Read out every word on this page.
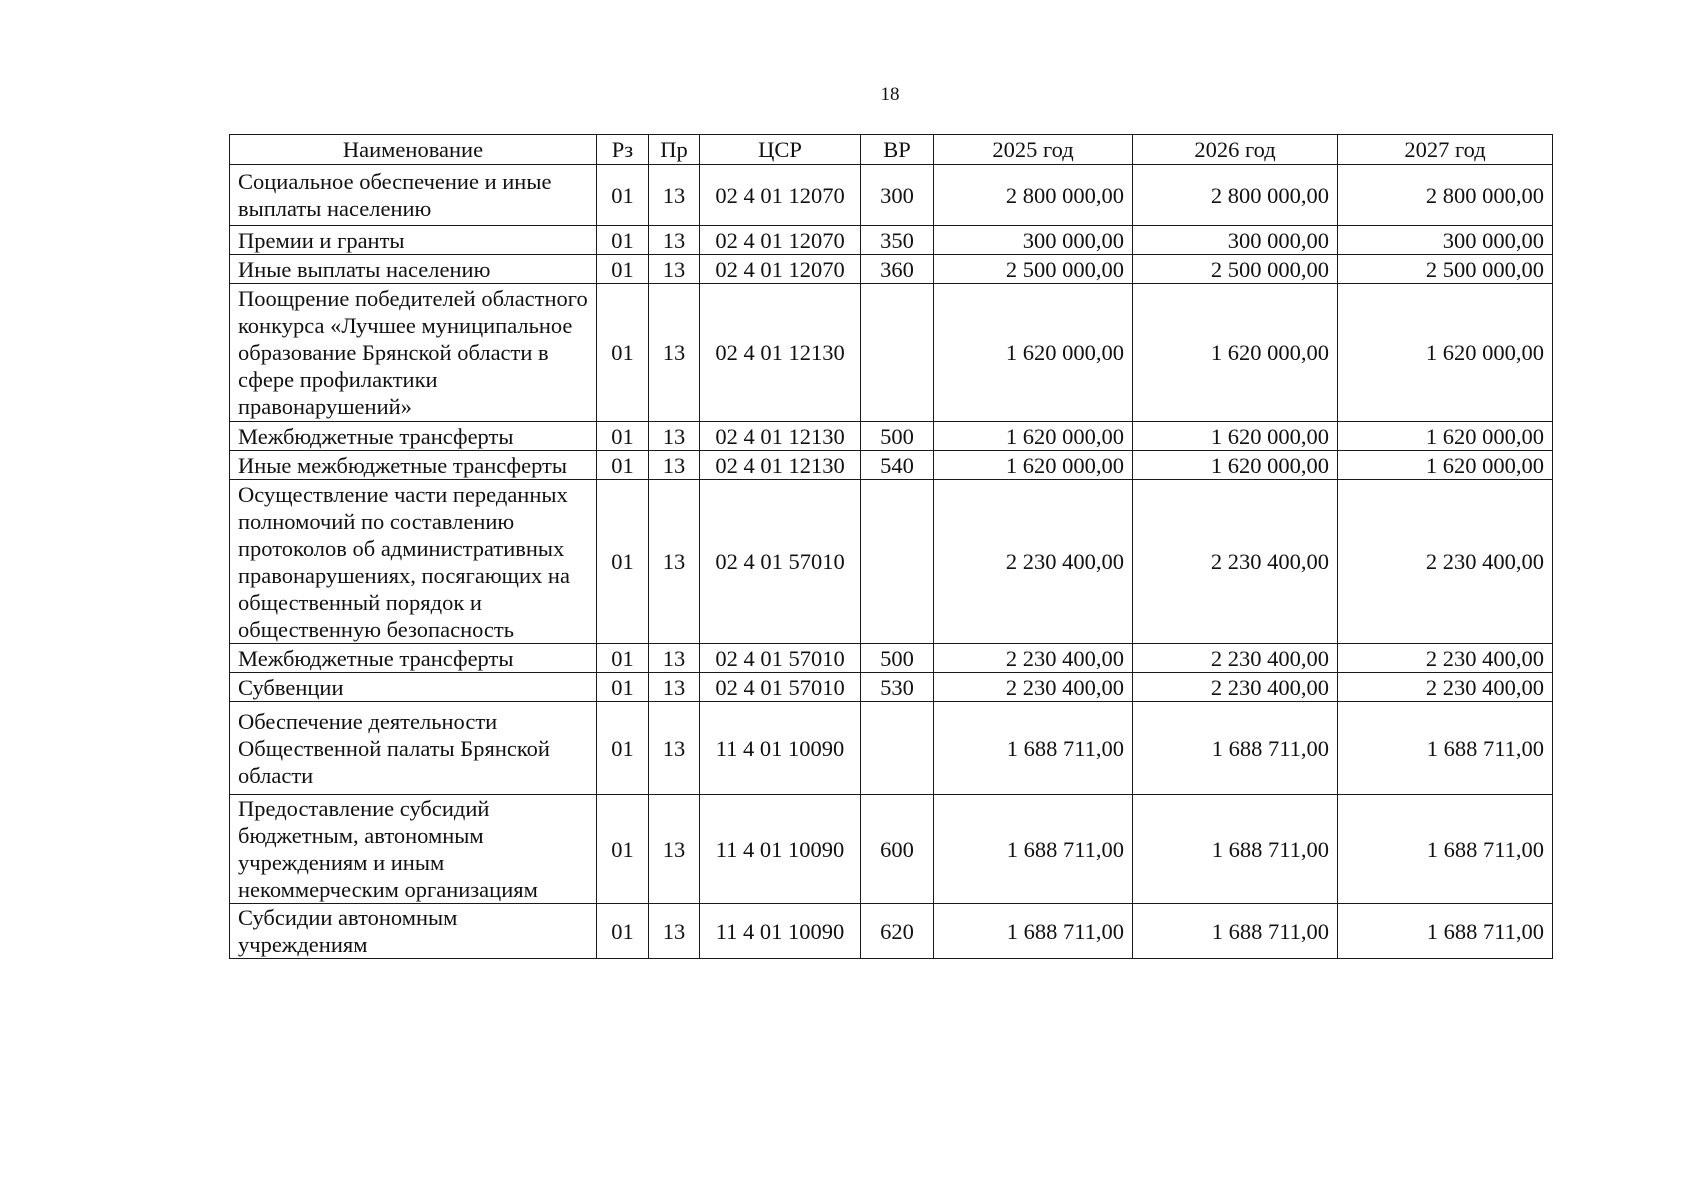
18
Наименование	Рз	Пр	ЦСР	ВР	2025 год	2026 год	2027 год
Социальное обеспечение и иные выплаты населению	01	13	02 4 01 12070	300	2 800 000,00	2 800 000,00	2 800 000,00
Премии и гранты	01	13	02 4 01 12070	350	300 000,00	300 000,00	300 000,00
Иные выплаты населению	01	13	02 4 01 12070	360	2 500 000,00	2 500 000,00	2 500 000,00
Поощрение победителей областного конкурса «Лучшее муниципальное образование Брянской области в сфере профилактики правонарушений»	01	13	02 4 01 12130		1 620 000,00	1 620 000,00	1 620 000,00
Межбюджетные трансферты	01	13	02 4 01 12130	500	1 620 000,00	1 620 000,00	1 620 000,00
Иные межбюджетные трансферты	01	13	02 4 01 12130	540	1 620 000,00	1 620 000,00	1 620 000,00
Осуществление части переданных полномочий по составлению протоколов об административных правонарушениях, посягающих на общественный порядок и общественную безопасность	01	13	02 4 01 57010		2 230 400,00	2 230 400,00	2 230 400,00
Межбюджетные трансферты	01	13	02 4 01 57010	500	2 230 400,00	2 230 400,00	2 230 400,00
Субвенции	01	13	02 4 01 57010	530	2 230 400,00	2 230 400,00	2 230 400,00
Обеспечение деятельности Общественной палаты Брянской области	01	13	11 4 01 10090		1 688 711,00	1 688 711,00	1 688 711,00
Предоставление субсидий бюджетным, автономным учреждениям и иным некоммерческим организациям	01	13	11 4 01 10090	600	1 688 711,00	1 688 711,00	1 688 711,00
Субсидии автономным учреждениям	01	13	11 4 01 10090	620	1 688 711,00	1 688 711,00	1 688 711,00
